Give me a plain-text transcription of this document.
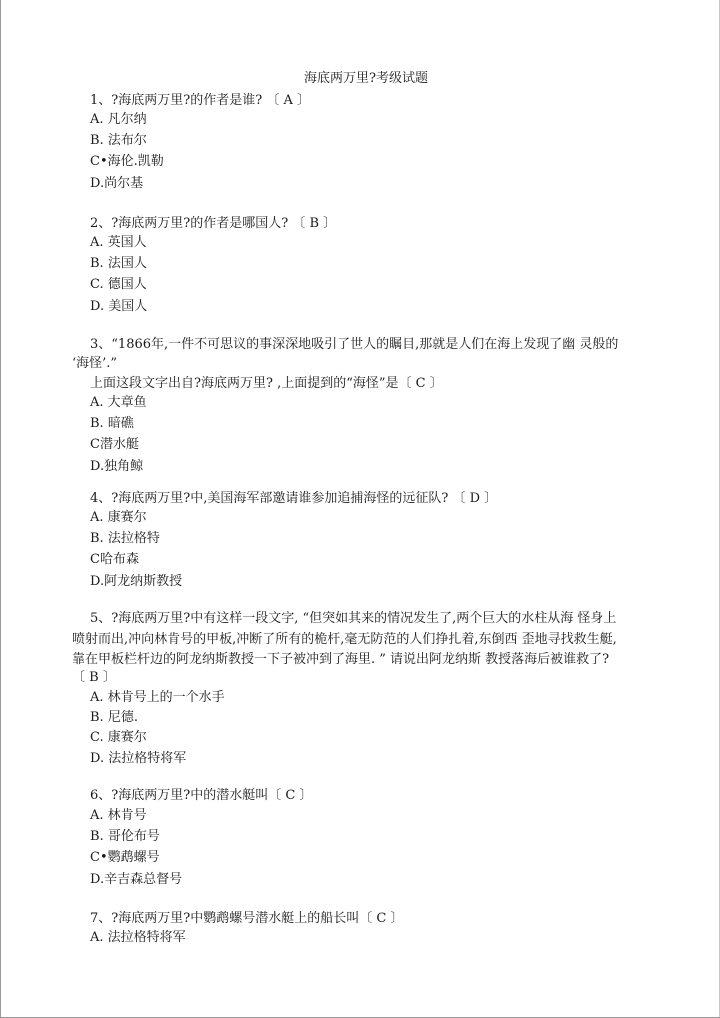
海底两万里?考级试题
1、?海底两万里?的作者是谁? 〔 A 〕
A. 凡尔纳
B. 法布尔
C•海伦.凯勒
D.尚尔基
2、?海底两万里?的作者是哪国人? 〔 B 〕
A. 英国人
B. 法国人
C. 德国人
D. 美国人
3、“1866年,一件不可思议的事深深地吸引了世人的瞩目,那就是人们在海上发现了幽 灵般的
‘海怪’.”
上面这段文字出自?海底两万里? ,上面提到的“海怪”是〔 C 〕
A. 大章鱼
B. 暗礁
C潜水艇
D.独角鲸
4、?海底两万里?中,美国海军部邀请谁参加追捕海怪的远征队? 〔 D 〕
A. 康赛尔
B. 法拉格特
C哈布森
D.阿龙纳斯教授
5、?海底两万里?中有这样一段文字, “但突如其来的情况发生了,两个巨大的水柱从海 怪身上
喷射而出,冲向林肯号的甲板,冲断了所有的桅杆,毫无防范的人们挣扎着,东倒西 歪地寻找救生艇,
靠在甲板栏杆边的阿龙纳斯教授一下子被冲到了海里. ” 请说出阿龙纳斯 教授落海后被谁救了?
〔 B 〕
A. 林肯号上的一个水手
B. 尼德.
C. 康赛尔
D. 法拉格特将军
6、?海底两万里?中的潜水艇叫〔 C 〕
A. 林肯号
B. 哥伦布号
C•鹦鹉螺号
D.辛吉森总督号
7、?海底两万里?中鹦鹉螺号潜水艇上的船长叫〔 C 〕
A. 法拉格特将军
